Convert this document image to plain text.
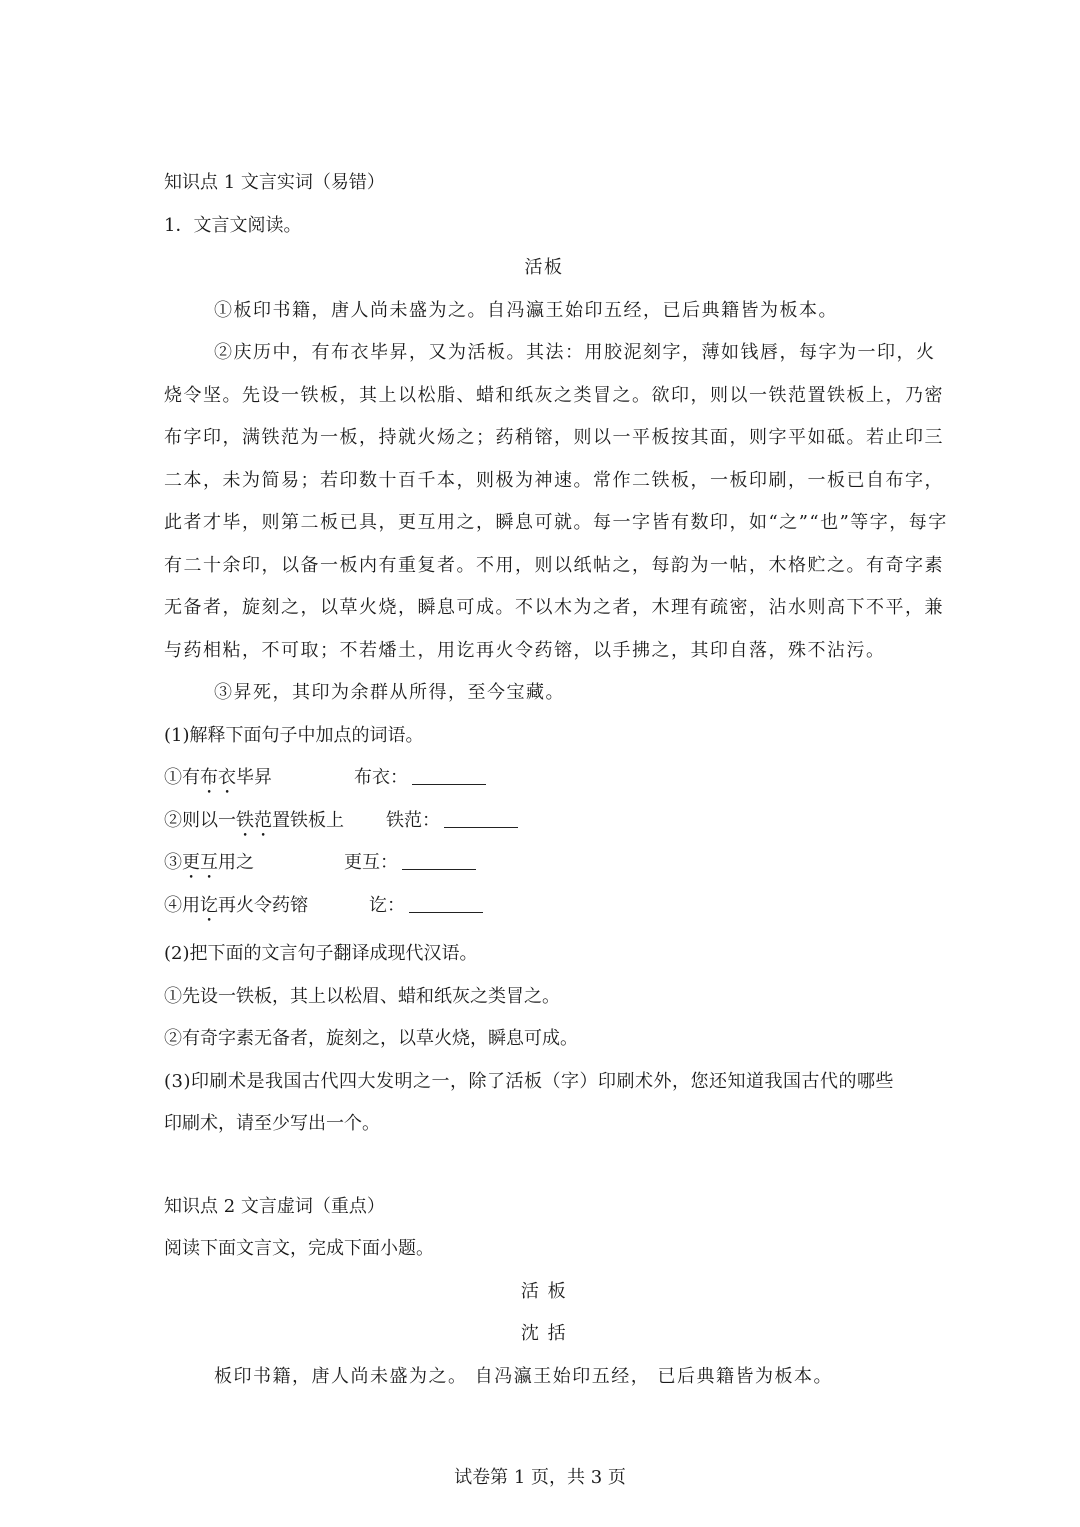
知识点 1 文言实词（易错）
1．文言文阅读。
活板
①板印书籍，唐人尚未盛为之。自冯瀛王始印五经，已后典籍皆为板本。
②庆历中，有布衣毕昇，又为活板。其法：用胶泥刻字，薄如钱唇，每字为一印，火
烧令坚。先设一铁板，其上以松脂、蜡和纸灰之类冒之。欲印，则以一铁范置铁板上，乃密
布字印，满铁范为一板，持就火炀之；药稍镕，则以一平板按其面，则字平如砥。若止印三
二本，未为简易；若印数十百千本，则极为神速。常作二铁板，一板印刷，一板已自布字，
此者才毕，则第二板已具，更互用之，瞬息可就。每一字皆有数印，如“之”“也”等字，每字
有二十余印，以备一板内有重复者。不用，则以纸帖之，每韵为一帖，木格贮之。有奇字素
无备者，旋刻之，以草火烧，瞬息可成。不以木为之者，木理有疏密，沾水则高下不平，兼
与药相粘，不可取；不若燔土，用讫再火令药镕，以手拂之，其印自落，殊不沾污。
③昇死，其印为余群从所得，至今宝藏。
(1)解释下面句子中加点的词语。
①有布衣毕昇	布衣：
②则以一铁范置铁板上	铁范：
③更互用之	更互：
④用讫再火令药镕	讫：
(2)把下面的文言句子翻译成现代汉语。
①先设一铁板，其上以松眉、蜡和纸灰之类冒之。
②有奇字素无备者，旋刻之，以草火烧，瞬息可成。
(3)印刷术是我国古代四大发明之一，除了活板（字）印刷术外，您还知道我国古代的哪些
印刷术，请至少写出一个。
知识点 2 文言虚词（重点）
阅读下面文言文，完成下面小题。
活 板
沈 括
板印书籍，唐人尚未盛为之。 自冯瀛王始印五经， 已后典籍皆为板本。
试卷第 1 页，共 3 页
